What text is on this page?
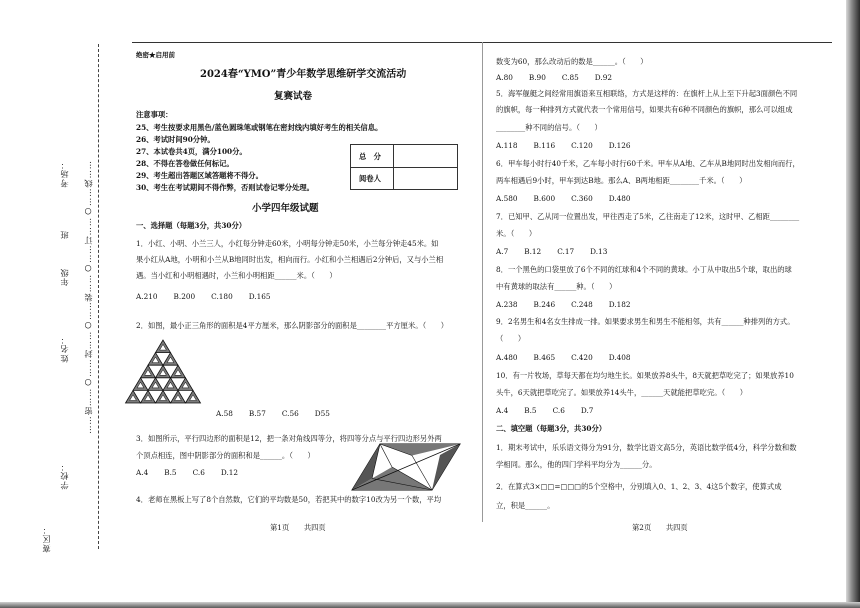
学校：
姓名：
班
年级
考场： ……密……○……封……○……装……○……订……○……线……
赛区：
绝密★启用前
2024春“YMO”青少年数学思维研学交流活动
复赛试卷
注意事项：
25、考生按要求用黑色/蓝色圆珠笔或钢笔在密封线内填好考生的相关信息。
26、考试时间90分钟。
27、本试卷共4页，满分100分。
28、不得在答卷做任何标记。
29、考生超出答题区域答题将不得分。
30、考生在考试期间不得作弊，否则试卷记零分处理。
总　分
阅卷人
小学四年级试题
一、选择题（每题3分，共30分）
1．小红、小明、小兰三人，小红每分钟走60米，小明每分钟走50米，小兰每分钟走45米。如
果小红从A地，小明和小兰从B地同时出发，相向而行。小红和小兰相遇后2分钟后，又与小兰相
遇。当小红和小明相遇时，小兰和小明相距______米。（　　）
A.210 B.200 C.180 D.165
2．如图，最小正三角形的面积是4平方厘米，那么阴影部分的面积是________平方厘米。（　　）
A.58 B.57 C.56 D55
3．如图所示，平行四边形的面积是12，把一条对角线四等分，将四等分点与平行四边形另外两
个顶点相连，图中阴影部分的面积和是______。（　　）
A.4 B.5 C.6 D.12
4．老师在黑板上写了8个自然数，它们的平均数是50，若把其中的数字10改为另一个数，平均
第1页　　共四页
数变为60，那么改动后的数是______。（　　）
A.80 B.90 C.85 D.92
5．海军舰艇之间经常用旗语来互相联络，方式是这样的：在旗杆上从上至下升起3面颜色不同
的旗帜，每一种排列方式就代表一个常用信号，如果共有6种不同颜色的旗帜，那么可以组成
________种不同的信号。（　　）
A.118 B.116 C.120 D.126
6．甲车每小时行40千米，乙车每小时行60千米。甲车从A地、乙车从B地同时出发相向而行，
两车相遇后9小时，甲车到达B地。那么A、B两地相距________千米。（　　）
A.580 B.600 C.360 D.480
7．已知甲、乙从同一位置出发，甲往西走了5米，乙往南走了12米，这时甲、乙相距________
米。（　　）
A.7 B.12 C.17 D.13
8．一个黑色的口袋里放了6个不同的红球和4个不同的黄球。小丁从中取出5个球，取出的球
中有黄球的取法有______种。（　　）
A.238 B.246 C.248 D.182
9．2名男生和4名女生排成一排。如果要求男生和男生不能相邻，共有______种排列的方式。
（　　）
A.480 B.465 C.420 D.408
10．有一片牧场，草每天都在均匀地生长。如果放养8头牛，8天就把草吃完了；如果放养10
头牛，6天就把草吃完了。如果放养14头牛，______天就能把草吃完。（　　）
A.4 B.5 C.6 D.7
二、填空题（每题3分，共30分）
1．期末考试中，乐乐语文得分为91分，数学比语文高5分，英语比数学低4分，科学分数和数
学相同。那么，他的四门学科平均分为______分。
2．在算式3×□□=□□□的5个空格中，分别填入0、1、2、3、4这5个数字，使算式成
立，积是______。
第2页　　共四页
